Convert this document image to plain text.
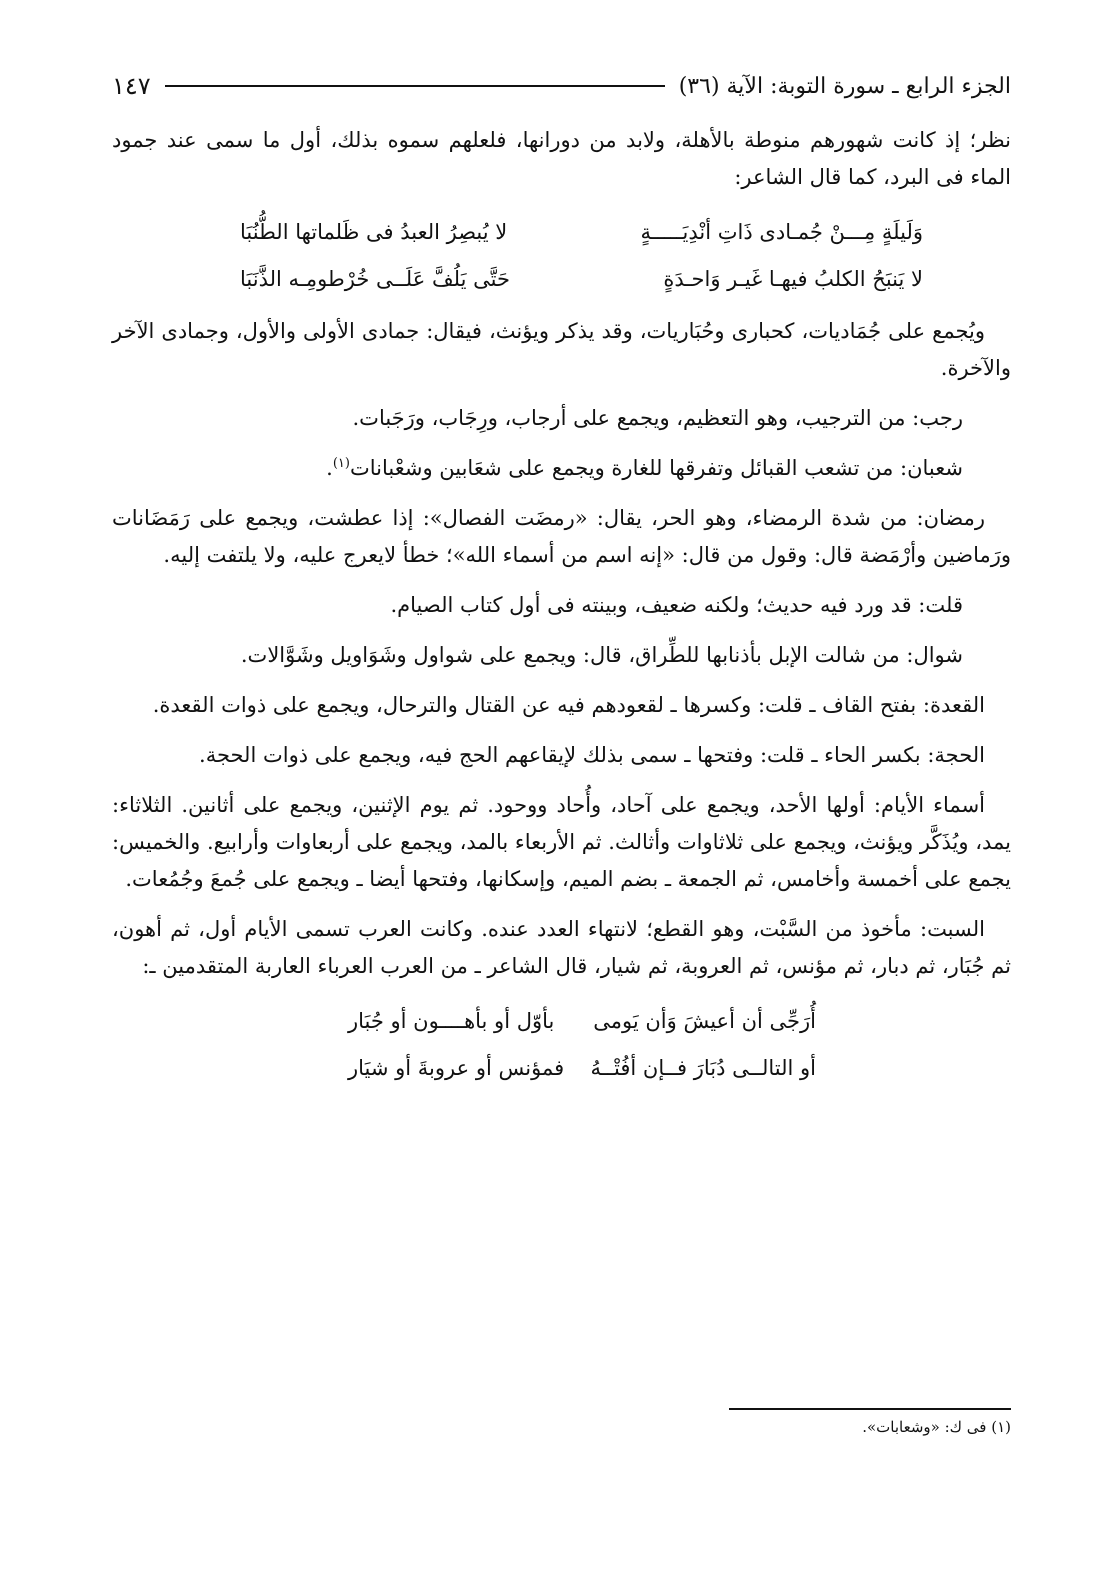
الجزء الرابع ـ سورة التوبة: الآية (٣٦)
١٤٧

نظر؛ إذ كانت شهورهم منوطة بالأهلة، ولابد من دورانها، فلعلهم سموه بذلك، أول ما سمى عند جمود الماء فى البرد، كما قال الشاعر:

وَلَيلَةٍ مِـــنْ جُمـادى ذَاتِ أنْدِيَـــــةٍ
لا يُبصِرُ العبدُ فى ظَلماتها الطُّنُبَا
لا يَنبَحُ الكلبُ فيهـا غَيـر وَاحـدَةٍ
حَتَّى يَلُفَّ عَلَــى خُرْطومِـه الذَّنَبَا

ويُجمع على جُمَاديات، كحبارى وحُبَاريات، وقد يذكر ويؤنث، فيقال: جمادى الأولى والأول، وجمادى الآخر والآخرة.

رجب: من الترجيب، وهو التعظيم، ويجمع على أرجاب، ورِجَاب، ورَجَبات.

شعبان: من تشعب القبائل وتفرقها للغارة ويجمع على شعَابين وشعْبانات$^{(١)}$.

رمضان: من شدة الرمضاء، وهو الحر، يقال: «رمضَت الفصال»: إذا عطشت، ويجمع على رَمَضَانات ورَماضين وأرْمَضة قال: وقول من قال: «إنه اسم من أسماء الله»؛ خطأ لايعرج عليه، ولا يلتفت إليه.

قلت: قد ورد فيه حديث؛ ولكنه ضعيف، وبينته فى أول كتاب الصيام.

شوال: من شالت الإبل بأذنابها للطِّراق، قال: ويجمع على شواول وشَوَاويل وشَوَّالات.

القعدة: بفتح القاف ـ قلت: وكسرها ـ لقعودهم فيه عن القتال والترحال، ويجمع على ذوات القعدة.

الحجة: بكسر الحاء ـ قلت: وفتحها ـ سمى بذلك لإيقاعهم الحج فيه، ويجمع على ذوات الحجة.

أسماء الأيام: أولها الأحد، ويجمع على آحاد، وأُحاد ووحود. ثم يوم الإثنين، ويجمع على أثانين. الثلاثاء: يمد، ويُذَكَّر ويؤنث، ويجمع على ثلاثاوات وأثالث. ثم الأربعاء بالمد، ويجمع على أربعاوات وأرابيع. والخميس: يجمع على أخمسة وأخامس، ثم الجمعة ـ بضم الميم، وإسكانها، وفتحها أيضا ـ ويجمع على جُمعَ وجُمُعات.

السبت: مأخوذ من السَّبْت، وهو القطع؛ لانتهاء العدد عنده. وكانت العرب تسمى الأيام أول، ثم أهون، ثم جُبَار، ثم دبار، ثم مؤنس، ثم العروبة، ثم شيار، قال الشاعر ـ من العرب العرباء العاربة المتقدمين ـ:

أُرَجِّى أن أعيشَ وَأن يَومى
بأوّل أو بأهــــون أو جُبَار
أو التالــى دُبَارَ فــإن أفُتْــهُ
فمؤنس أو عروبةَ أو شيَار
(١) فى ك: «وشعابات».
